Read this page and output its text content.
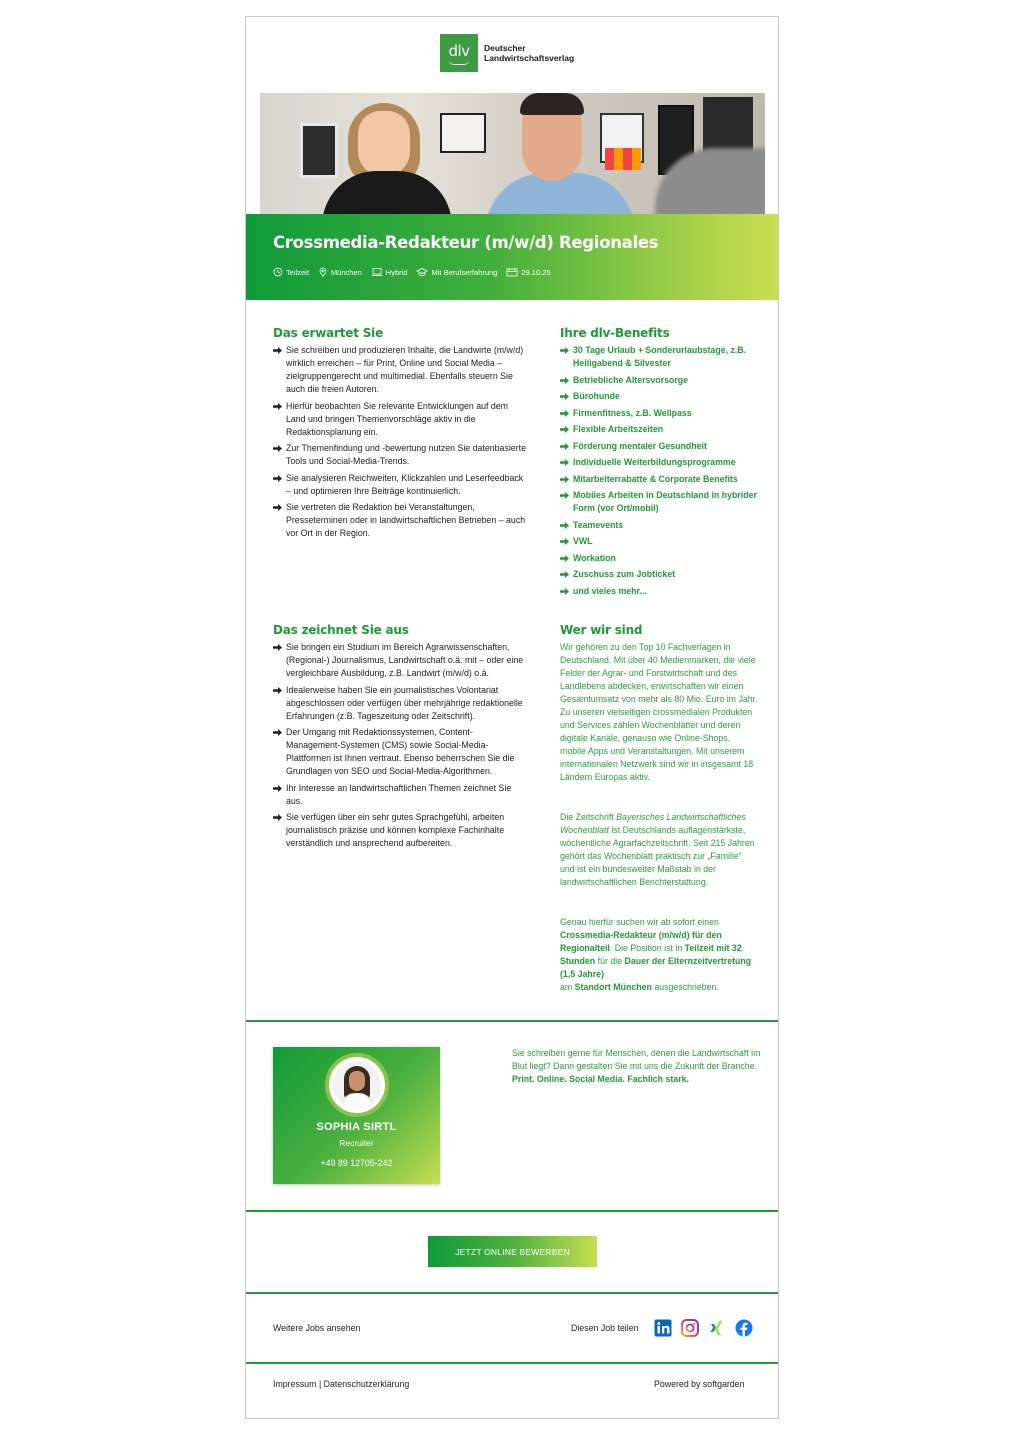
dlv Deutscher
Landwirtschaftsverlag
Crossmedia-Redakteur (m/w/d) Regionales
Teilzeit	München	Hybrid	Mit Berufserfahrung	29.10.25
Das erwartet Sie
Sie schreiben und produzieren Inhalte, die Landwirte (m/w/d) wirklich erreichen – für Print, Online und Social Media – zielgruppengerecht und multimedial. Ebenfalls steuern Sie auch die freien Autoren.
Hierfür beobachten Sie relevante Entwicklungen auf dem Land und bringen Themenvorschläge aktiv in die Redaktionsplanung ein.
Zur Themenfindung und -bewertung nutzen Sie datenbasierte Tools und Social-Media-Trends.
Sie analysieren Reichweiten, Klickzahlen und Leserfeedback – und optimieren Ihre Beiträge kontinuierlich.
Sie vertreten die Redaktion bei Veranstaltungen, Presseterminen oder in landwirtschaftlichen Betrieben – auch vor Ort in der Region.
Ihre dlv-Benefits
30 Tage Urlaub + Sonderurlaubstage, z.B. Heiligabend & Silvester
Betriebliche Altersvorsorge
Bürohunde
Firmenfitness, z.B. Wellpass
Flexible Arbeitszeiten
Förderung mentaler Gesundheit
Individuelle Weiterbildungsprogramme
Mitarbeiterrabatte & Corporate Benefits
Mobiles Arbeiten in Deutschland in hybrider Form (vor Ort/mobil)
Teamevents
VWL
Workation
Zuschuss zum Jobticket
und vieles mehr...
Das zeichnet Sie aus
Sie bringen ein Studium im Bereich Agrarwissenschaften, (Regional-) Journalismus, Landwirtschaft o.ä. mit – oder eine vergleichbare Ausbildung, z.B. Landwirt (m/w/d) o.ä.
Idealerweise haben Sie ein journalistisches Volontariat abgeschlossen oder verfügen über mehrjährige redaktionelle Erfahrungen (z.B. Tageszeitung oder Zeitschrift).
Der Umgang mit Redaktionssystemen, Content-Management-Systemen (CMS) sowie Social-Media-Plattformen ist Ihnen vertraut. Ebenso beherrschen Sie die Grundlagen von SEO und Social-Media-Algorithmen.
Ihr Interesse an landwirtschaftlichen Themen zeichnet Sie aus.
Sie verfügen über ein sehr gutes Sprachgefühl, arbeiten journalistisch präzise und können komplexe Fachinhalte verständlich und ansprechend aufbereiten.
Wer wir sind
Wir gehören zu den Top 10 Fachverlagen in Deutschland. Mit über 40 Medienmarken, die viele Felder der Agrar- und Forstwirtschaft und des Landlebens abdecken, erwirtschaften wir einen Gesamtumsatz von mehr als 80 Mio. Euro im Jahr. Zu unseren vielseitigen crossmedialen Produkten und Services zählen Wochenblätter und deren digitale Kanäle, genauso wie Online-Shops, mobile Apps und Veranstaltungen. Mit unserem internationalen Netzwerk sind wir in insgesamt 18 Ländern Europas aktiv.
Die Zeitschrift Bayerisches Landwirtschaftliches Wochenblatt ist Deutschlands auflagenstärkste, wöchentliche Agrarfachzeitschrift. Seit 215 Jahren gehört das Wochenblatt praktisch zur „Familie“ und ist ein bundesweiter Maßstab in der landwirtschaftlichen Berichterstattung.
Genau hierfür suchen wir ab sofort einen Crossmedia-Redakteur (m/w/d) für den Regionalteil. Die Position ist in Teilzeit mit 32 Stunden für die Dauer der Elternzeitvertretung (1,5 Jahre)
am Standort München ausgeschrieben.
SOPHIA SIRTL
Recruiter
+49 89 12705-242
Sie schreiben gerne für Menschen, denen die Landwirtschaft im Blut liegt? Dann gestalten Sie mit uns die Zukunft der Branche.
Print. Online. Social Media. Fachlich stark.
JETZT ONLINE BEWERBEN
Weitere Jobs ansehen	Diesen Job teilen
Impressum | Datenschutzerklärung	Powered by softgarden
